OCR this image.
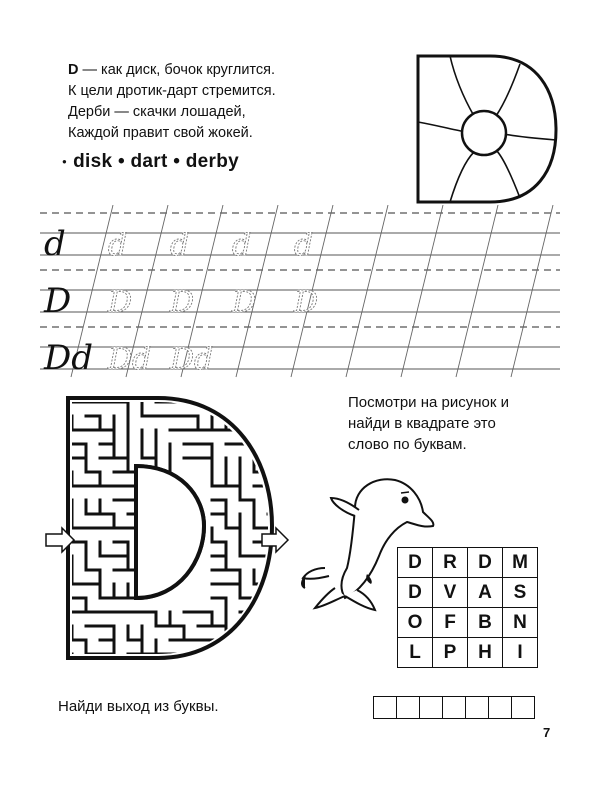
D — как диск, бочок круглится.
К цели дротик-дарт стремится.
Дерби — скачки лошадей,
Каждой правит свой жокей.
● disk • dart • derby
d d d d d
D D D D D
Dd Dd Dd
Посмотри на рисунок и
найди в квадрате это
слово по буквам.
D	R	D	M
D	V	A	S
O	F	B	N
L	P	H	I

Найди выход из буквы.
7
